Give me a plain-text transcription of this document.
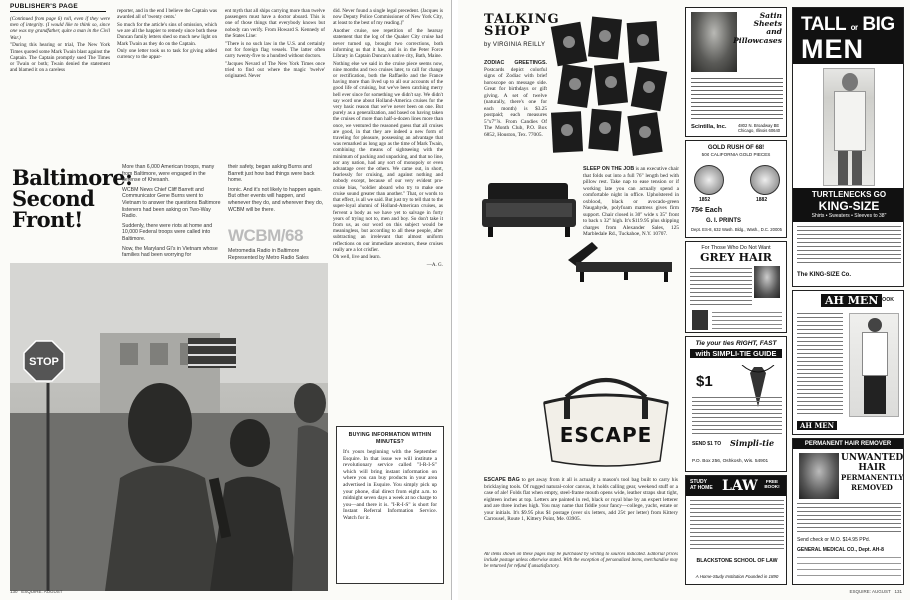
PUBLISHER'S PAGE

(Continued from page 6) roll, even if they were men of integrity. (I would like to think so, since one was my grandfather, quite a man in the Civil War.)

"During this hearing or trial, The New York Times quoted some Mark Twain blast against the Captain. The Captain promptly sued The Times or Twain or both; Twain denied the statement and blamed it on a careless

reporter, and in the end I believe the Captain was awarded all of 'twenty cents.'

So much for the article's sins of omission, which we are all the happier to remedy since both these Duncan family letters shed so much new light on Mark Twain as they do on the Captain.

Only one letter took us to task for giving added currency to the appar-

ent myth that all ships carrying more than twelve passengers must have a doctor aboard. This is one of those things that everybody knows but nobody can verify. From Howard S. Kennedy of the States Line:

"There is no such law in the U.S. and certainly not for foreign flag vessels. The latter often carry twenty-five to a hundred without doctors.

"Jacques Nevard of The New York Times once tried to find out where the magic 'twelve' originated. Never

did. Never found a single legal precedent. (Jacques is now Deputy Police Commissioner of New York City, at least to the best of my reading.)"

Another cruise, see repetition of the hearsay statement that the log of the Quaker City cruise had never turned up, brought two corrections, both informing us that it has, and is in the Peter Force Library in Captain Duncan's native city, Bath, Maine.

Nothing else we said in the cruise piece seems now, nine months and two cruises later, to call for change or rectification, both the Raffaello and the France having more than lived up to all our accounts of the good life of cruising, but we've been catching merry hell ever since for something we didn't say. We didn't say word one about Holland-America cruises for the very basic reason that we've never been on one. But purely as a generalization, and based on having taken the cruises of more than half-a-dozen lines more than once, we ventured the reasoned guess that all cruises are good, in that they are indeed a new form of traveling for pleasure, possessing an advantage that was remarked as long ago as the time of Mark Twain, combining the means of sightseeing with the minimum of packing and unpacking, and that no line, nor any nation, had any sort of monopoly or even advantage over the others. We came out, in short, fearlessly for cruising, and against nothing and nobody except, because of our very evident pro-cruise bias, "soldier aboard who try to make one cruise sound greater than another." That, or words to that effect, is all we said. But just try to tell that to the super-loyal alumni of Holland-American cruises, as fervent a body as we have yet to salvage in forty years of trying not to, men and boy. So don't take it from us, as our word on this subject would be meaningless, but according to all these people, after subtracting an irrelevant that almost uniform reflections on our immediate ancestors, these cruises really are a lot crisfier.

Oh well, live and learn.

—A. G.

Baltimore:
Second
Front!

More than 6,000 American troops, many from Baltimore, were engaged in the defense of Khesanh.

WCBM News Chief Cliff Barrett and Communicator Gene Burns went to Vietnam to answer the questions Baltimore listeners had been asking on Two-Way Radio.

Suddenly, there were riots at home and 10,000 Federal troops were called into Baltimore.

Now, the Maryland GI's in Vietnam whose families had been worrying for

their safety, began asking Burns and Barrett just how bad things were back home.

Ironic. And it's not likely to happen again. But other events will happen, and whenever they do, and wherever they do, WCBM will be there.

WCBM/68
Metromedia Radio in Baltimore
Represented by Metro Radio Sales
STOP
BUYING INFORMATION WITHIN MINUTES?
It's yours beginning with the September Esquire. In that issue we will institute a revolutionary service called "I-R-I-S" which will bring instant information on where you can buy products in your area advertised in Esquire. You simply pick up your phone, dial direct from eight a.m. to midnight seven days a week at no charge to you—and there it is. "I-R-I-S" is short for Instant Referral Information Service. Watch for it.
130 ESQUIRE: AUGUST
TALKING
SHOP
by VIRGINIA REILLY
ZODIAC GREETINGS. Postcards depict colorful signs of Zodiac with brief horoscope on message side. Great for birthdays or gift giving. A set of twelve (naturally, there's one for each month) is $3.25 postpaid; each measures 5"x7"⅞. From Candies Of The Month Club, P.O. Box 6852, Houston, Tex. 77005.
SLEEP ON THE JOB is an executive chair that folds out into a full 76" length bed with pillow rest. Take nap to ease tension or if working late you can actually spend a comfortable night in office. Upholstered in oxblood, black or avocado-green Naugahyde, polyfoam mattress gives firm support. Chair closed is 30" wide x 35" front to back x 32" high. It's $119.95 plus shipping charges from Alexander Sales, 125 Marbledale Rd., Tuckahoe, N.Y. 10707.
ESCAPE
ESCAPE BAG to get away from it all is actually a mason's tool bag built to carry his bricklaying tools. Of rugged natural-color canvas, it holds calling gear, weekend stuff or a case of ale! Folds flat when empty, steel-frame mouth opens wide, leather straps shut tight, eighteen inches at top. Letters are painted in red, black or royal blue by an expert letterer and are three inches high. You may name that fiddle your fancy—college, yacht, estate or your initials. It's $9.95 plus $1 postage (over six letters, add 25¢ per letter) from Kittery Carrousel, Route 1, Kittery Point, Me. 03905.
All items shown on these pages may be purchased by writing to sources indicated. Editorial prices include postage unless otherwise stated. With the exception of personalized items, merchandise may be returned for refund if unsatisfactory.
Satin
Sheets
and
Pillowcases
Scintilla, Inc.	4802 N. Broadway BE Chicago, Illinois 60640
GOLD RUSH OF 68!
50¢ CALIFORNIA GOLD PIECES
1852	1882
75¢ Each
G. I. PRINTS
Dept. ES-8, 632 Wash. Bldg., Wash., D.C. 20005
For Those Who Do Not Want
GREY HAIR
Tie your ties RIGHT, FAST
with SIMPLI-TIE GUIDE
$1
SEND $1 TO Simpli-tie
P.O. Box 256, Oshkosh, Wis. 54901
STUDY
AT HOME LAW	FREE BOOK!
BLACKSTONE SCHOOL OF LAW
A Home-Study Institution Founded in 1890
TALL or BIG
MEN
TURTLENECKS GO
KING-SIZE
Shirts • Sweaters • Sleeves to 38"
The KING-SIZE Co.
AH MEN LOOK
AH MEN
PERMANENT HAIR REMOVER
UNWANTED
HAIR
PERMANENTLY
REMOVED
Send check or M.O. $14.95 PPd.
GENERAL MEDICAL CO., Dept. AH-8
ESQUIRE: AUGUST 131
